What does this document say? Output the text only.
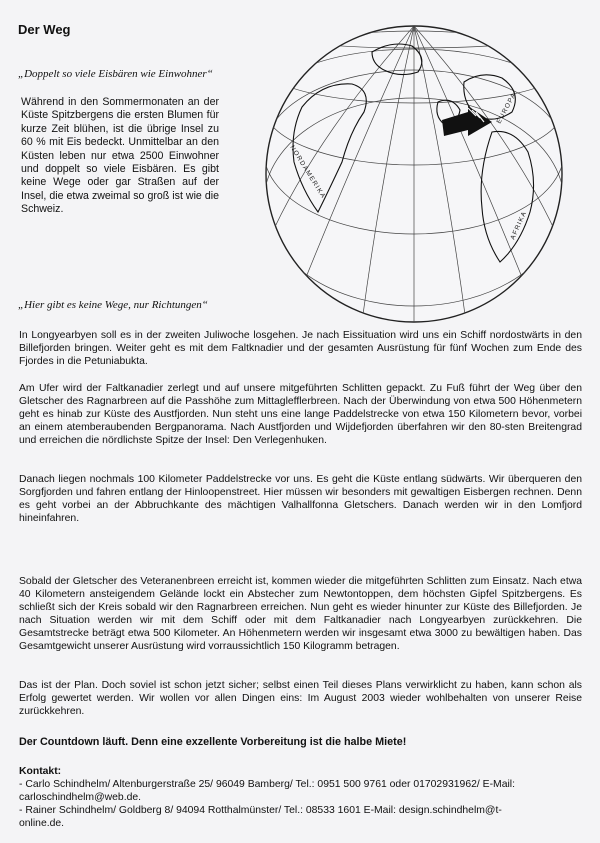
Der Weg
„Doppelt so viele Eisbären wie Einwohner“
Während in den Sommermonaten an der Küste Spitzbergens die ersten Blumen für kurze Zeit blühen, ist die übrige Insel zu 60 % mit Eis bedeckt. Unmittelbar an den Küsten leben nur etwa 2500 Einwohner und doppelt so viele Eisbären. Es gibt keine Wege oder gar Straßen auf der Insel, die etwa zweimal so groß ist wie die Schweiz.
NORDAMERIKA
EUROPA
AFRIKA
„Hier gibt es keine Wege, nur Richtungen“

In Longyearbyen soll es in der zweiten Juliwoche losgehen. Je nach Eissituation wird uns ein Schiff nordostwärts in den Billefjorden bringen. Weiter geht es mit dem Faltknadier und der gesamten Ausrüstung für fünf Wochen zum Ende des Fjordes in die Petuniabukta.

Am Ufer wird der Faltkanadier zerlegt und auf unsere mitgeführten Schlitten gepackt. Zu Fuß führt der Weg über den Gletscher des Ragnarbreen auf die Passhöhe zum Mittaglefflerbreen. Nach der Überwindung von etwa 500 Höhenmetern geht es hinab zur Küste des Austfjorden. Nun steht uns eine lange Paddelstrecke von etwa 150 Kilometern bevor, vorbei an einem atemberaubenden Bergpanorama. Nach Austfjorden und Wijdefjorden überfahren wir den 80-sten Breitengrad und erreichen die nördlichste Spitze der Insel: Den Verlegenhuken.

Danach liegen nochmals 100 Kilometer Paddelstrecke vor uns. Es geht die Küste entlang südwärts. Wir überqueren den Sorgfjorden und fahren entlang der Hinloopenstreet. Hier müssen wir besonders mit gewaltigen Eisbergen rechnen. Denn es geht vorbei an der Abbruchkante des mächtigen Valhallfonna Gletschers. Danach werden wir in den Lomfjord hineinfahren.

Sobald der Gletscher des Veteranenbreen erreicht ist, kommen wieder die mitgeführten Schlitten zum Einsatz. Nach etwa 40 Kilometern ansteigendem Gelände lockt ein Abstecher zum Newtontoppen, dem höchsten Gipfel Spitzbergens. Es schließt sich der Kreis sobald wir den Ragnarbreen erreichen. Nun geht es wieder hinunter zur Küste des Billefjorden. Je nach Situation werden wir mit dem Schiff oder mit dem Faltkanadier nach Longyearbyen zurückkehren. Die Gesamtstrecke beträgt etwa 500 Kilometer. An Höhenmetern werden wir insgesamt etwa 3000 zu bewältigen haben. Das Gesamtgewicht unserer Ausrüstung wird vorraussichtlich 150 Kilogramm betragen.

Das ist der Plan. Doch soviel ist schon jetzt sicher; selbst einen Teil dieses Plans verwirklicht zu haben, kann schon als Erfolg gewertet werden. Wir wollen vor allen Dingen eins: Im August 2003 wieder wohlbehalten von unserer Reise zurückkehren.

Der Countdown läuft. Denn eine exzellente Vorbereitung ist die halbe Miete!
Kontakt:
- Carlo Schindhelm/ Altenburgerstraße 25/ 96049 Bamberg/ Tel.: 0951 500 9761 oder 01702931962/ E-Mail:
carloschindhelm@web.de.
- Rainer Schindhelm/ Goldberg 8/ 94094 Rotthalmünster/ Tel.: 08533 1601 E-Mail: design.schindhelm@t-
online.de.
